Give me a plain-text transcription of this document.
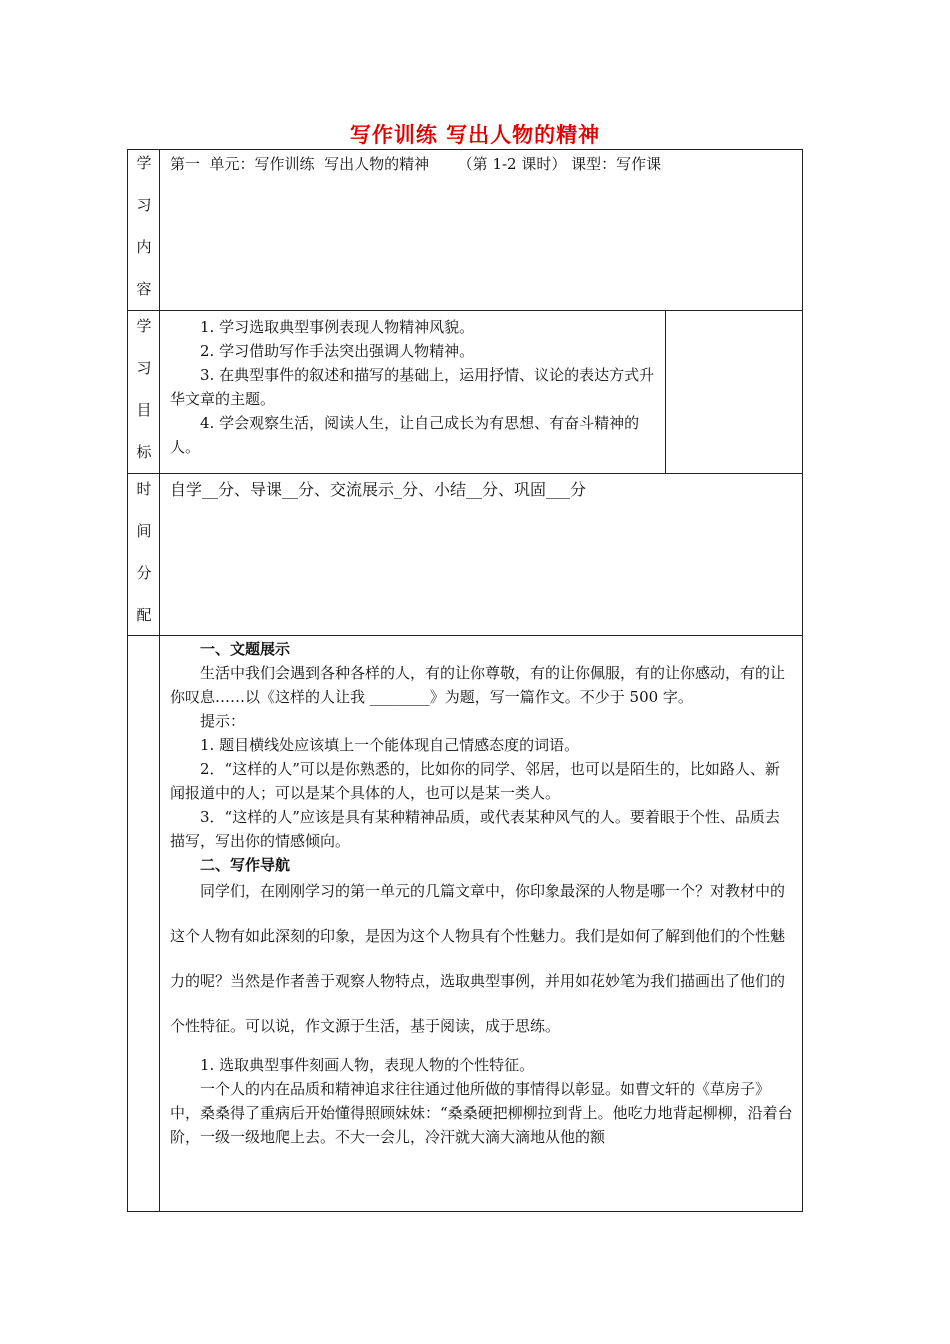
写作训练 写出人物的精神
学
习
内
容
第一  单元：写作训练  写出人物的精神      （第 1-2 课时） 课型：写作课
学
习
目
标

1. 学习选取典型事例表现人物精神风貌。

2. 学习借助写作手法突出强调人物精神。

3. 在典型事件的叙述和描写的基础上，运用抒情、议论的表达方式升华文章的主题。

4. 学会观察生活，阅读人生，让自己成长为有思想、有奋斗精神的人。

时
间
分
配
自学__分、导课__分、交流展示_分、小结__分、巩固___分

一、文题展示

生活中我们会遇到各种各样的人，有的让你尊敬，有的让你佩服，有的让你感动，有的让你叹息……以《这样的人让我 ________》为题，写一篇作文。不少于 500 字。

提示：

1. 题目横线处应该填上一个能体现自己情感态度的词语。

2．“这样的人”可以是你熟悉的，比如你的同学、邻居，也可以是陌生的，比如路人、新闻报道中的人；可以是某个具体的人，也可以是某一类人。

3．“这样的人”应该是具有某种精神品质，或代表某种风气的人。要着眼于个性、品质去描写，写出你的情感倾向。

二、写作导航

同学们，在刚刚学习的第一单元的几篇文章中，你印象最深的人物是哪一个？对教材中的这个人物有如此深刻的印象，是因为这个人物具有个性魅力。我们是如何了解到他们的个性魅力的呢？当然是作者善于观察人物特点，选取典型事例，并用如花妙笔为我们描画出了他们的个性特征。可以说，作文源于生活，基于阅读，成于思练。

1. 选取典型事件刻画人物，表现人物的个性特征。

一个人的内在品质和精神追求往往通过他所做的事情得以彰显。如曹文轩的《草房子》中，桑桑得了重病后开始懂得照顾妹妹：“桑桑硬把柳柳拉到背上。他吃力地背起柳柳，沿着台阶，一级一级地爬上去。不大一会儿，冷汗就大滴大滴地从他的额
